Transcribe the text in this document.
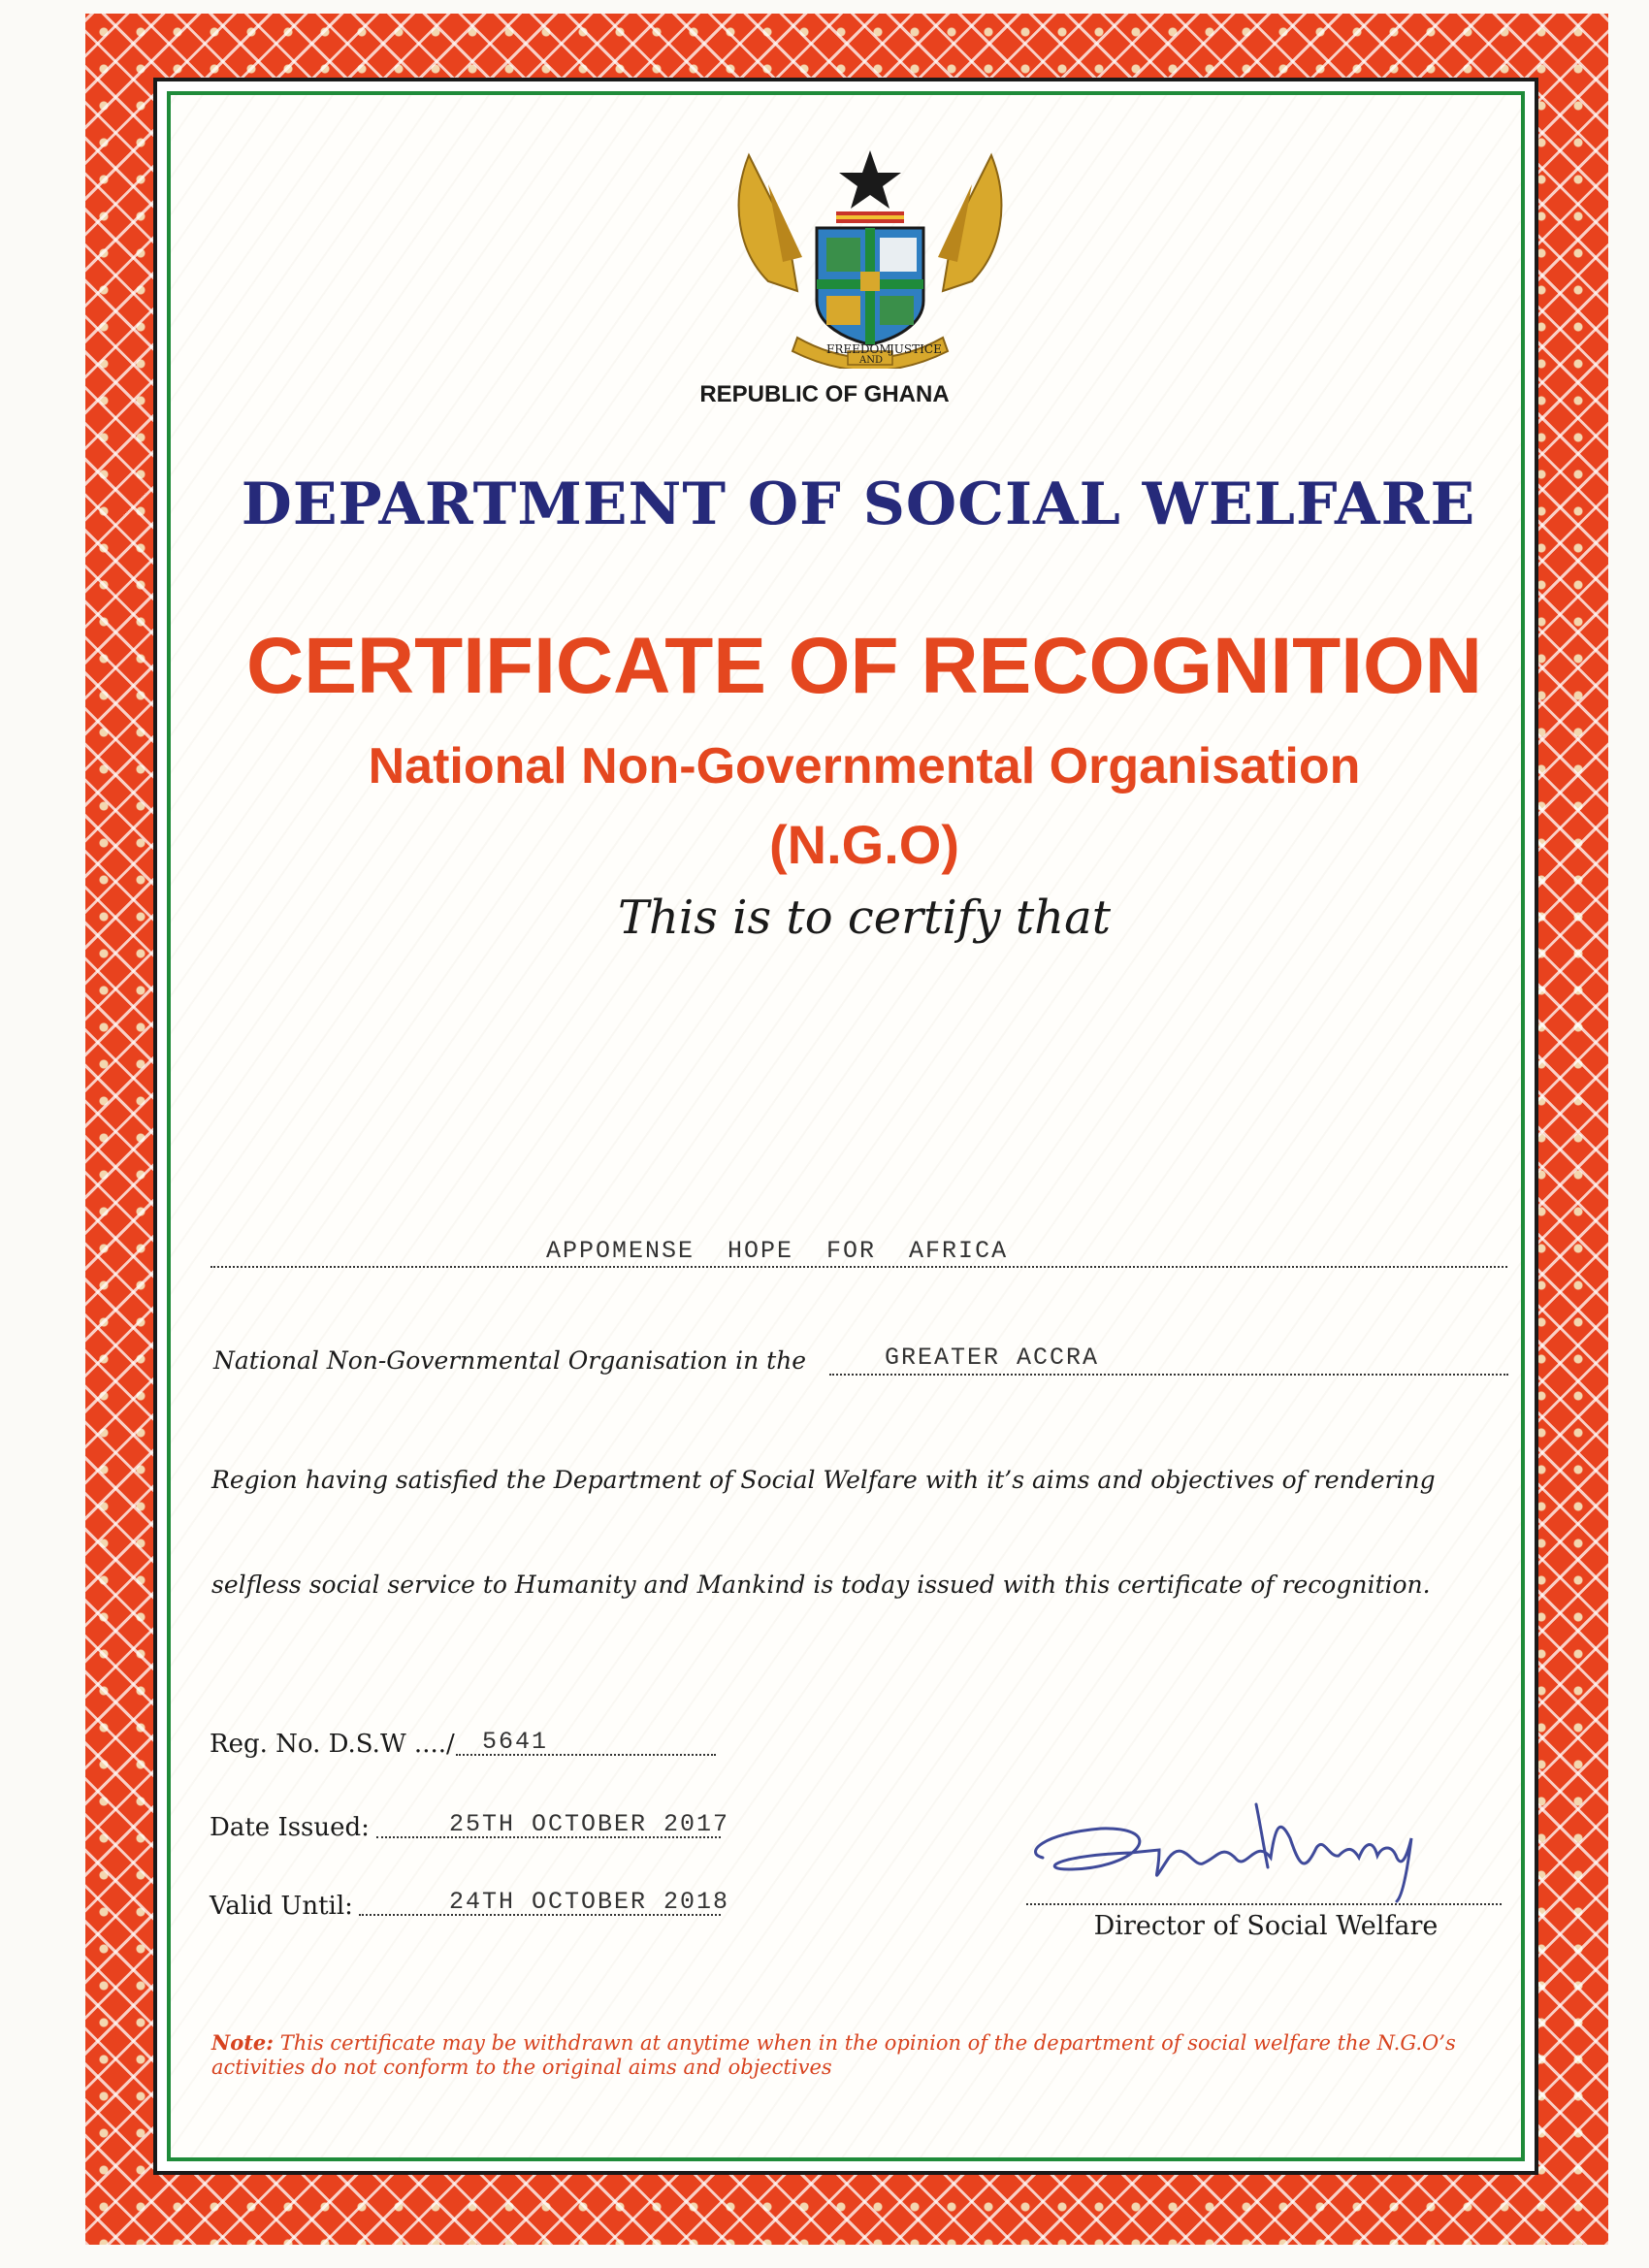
FREEDOM
AND
JUSTICE
REPUBLIC OF GHANA
DEPARTMENT OF SOCIAL WELFARE
CERTIFICATE OF RECOGNITION
National Non-Governmental Organisation
(N.G.O)
This is to certify that
APPOMENSE  HOPE  FOR  AFRICA
National Non-Governmental Organisation in the	GREATER ACCRA
Region having satisfied the Department of Social Welfare with it’s aims and objectives of rendering
selfless social service to Humanity and Mankind is today issued with this certificate of recognition.
Reg. No. D.S.W ..../ 5641
Date Issued:	25TH OCTOBER 2017
Valid Until:	24TH OCTOBER 2018
Director of Social Welfare
Note: This certificate may be withdrawn at anytime when in the opinion of the department of social welfare the N.G.O’s activities do not conform to the original aims and objectives
